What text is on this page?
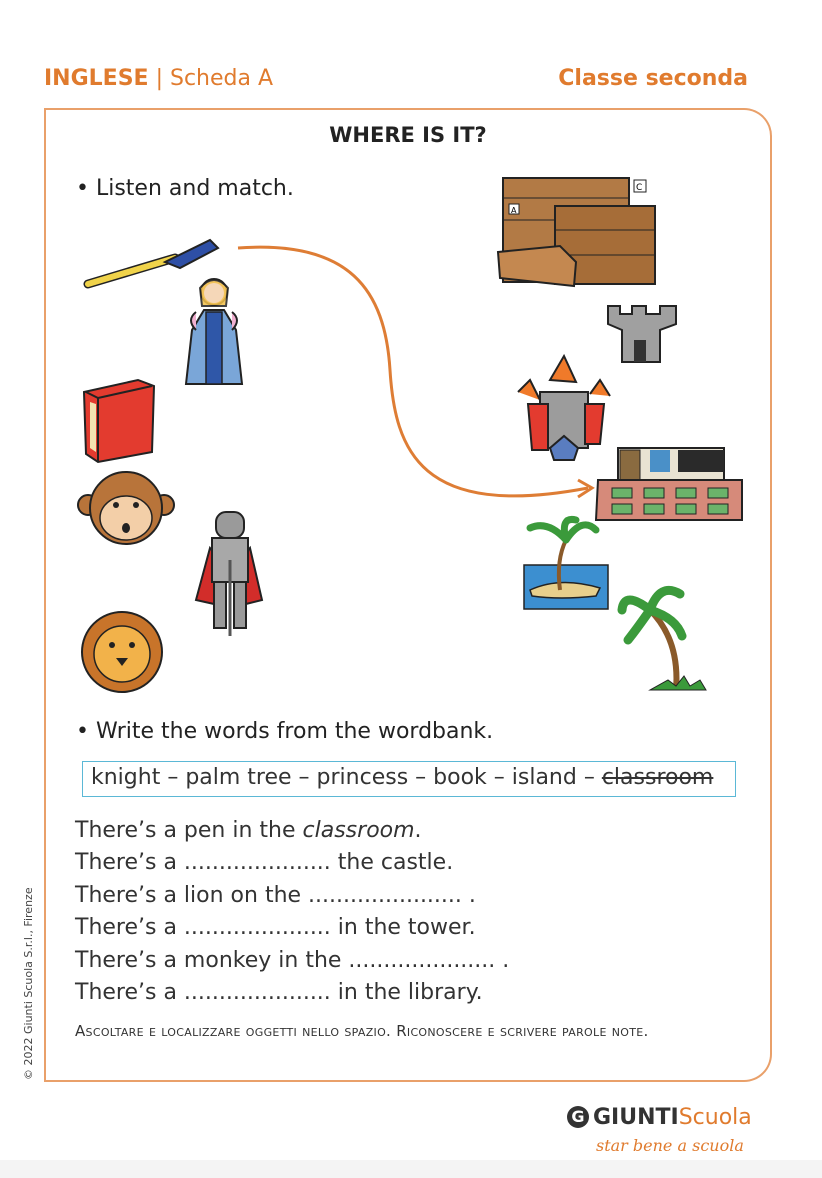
INGLESE | Scheda A	Classe seconda
WHERE IS IT?
• Listen and match.
A
C
• Write the words from the wordbank.
knight – palm tree – princess – book – island – classroom
There’s a pen in the classroom.
There’s a ..................... the castle.
There’s a lion on the ...................... .
There’s a ..................... in the tower.
There’s a monkey in the ..................... .
There’s a ..................... in the library.
Ascoltare e localizzare oggetti nello spazio. Riconoscere e scrivere parole note.
© 2022 Giunti Scuola S.r.l., Firenze
G GIUNTIScuola
star bene a scuola
